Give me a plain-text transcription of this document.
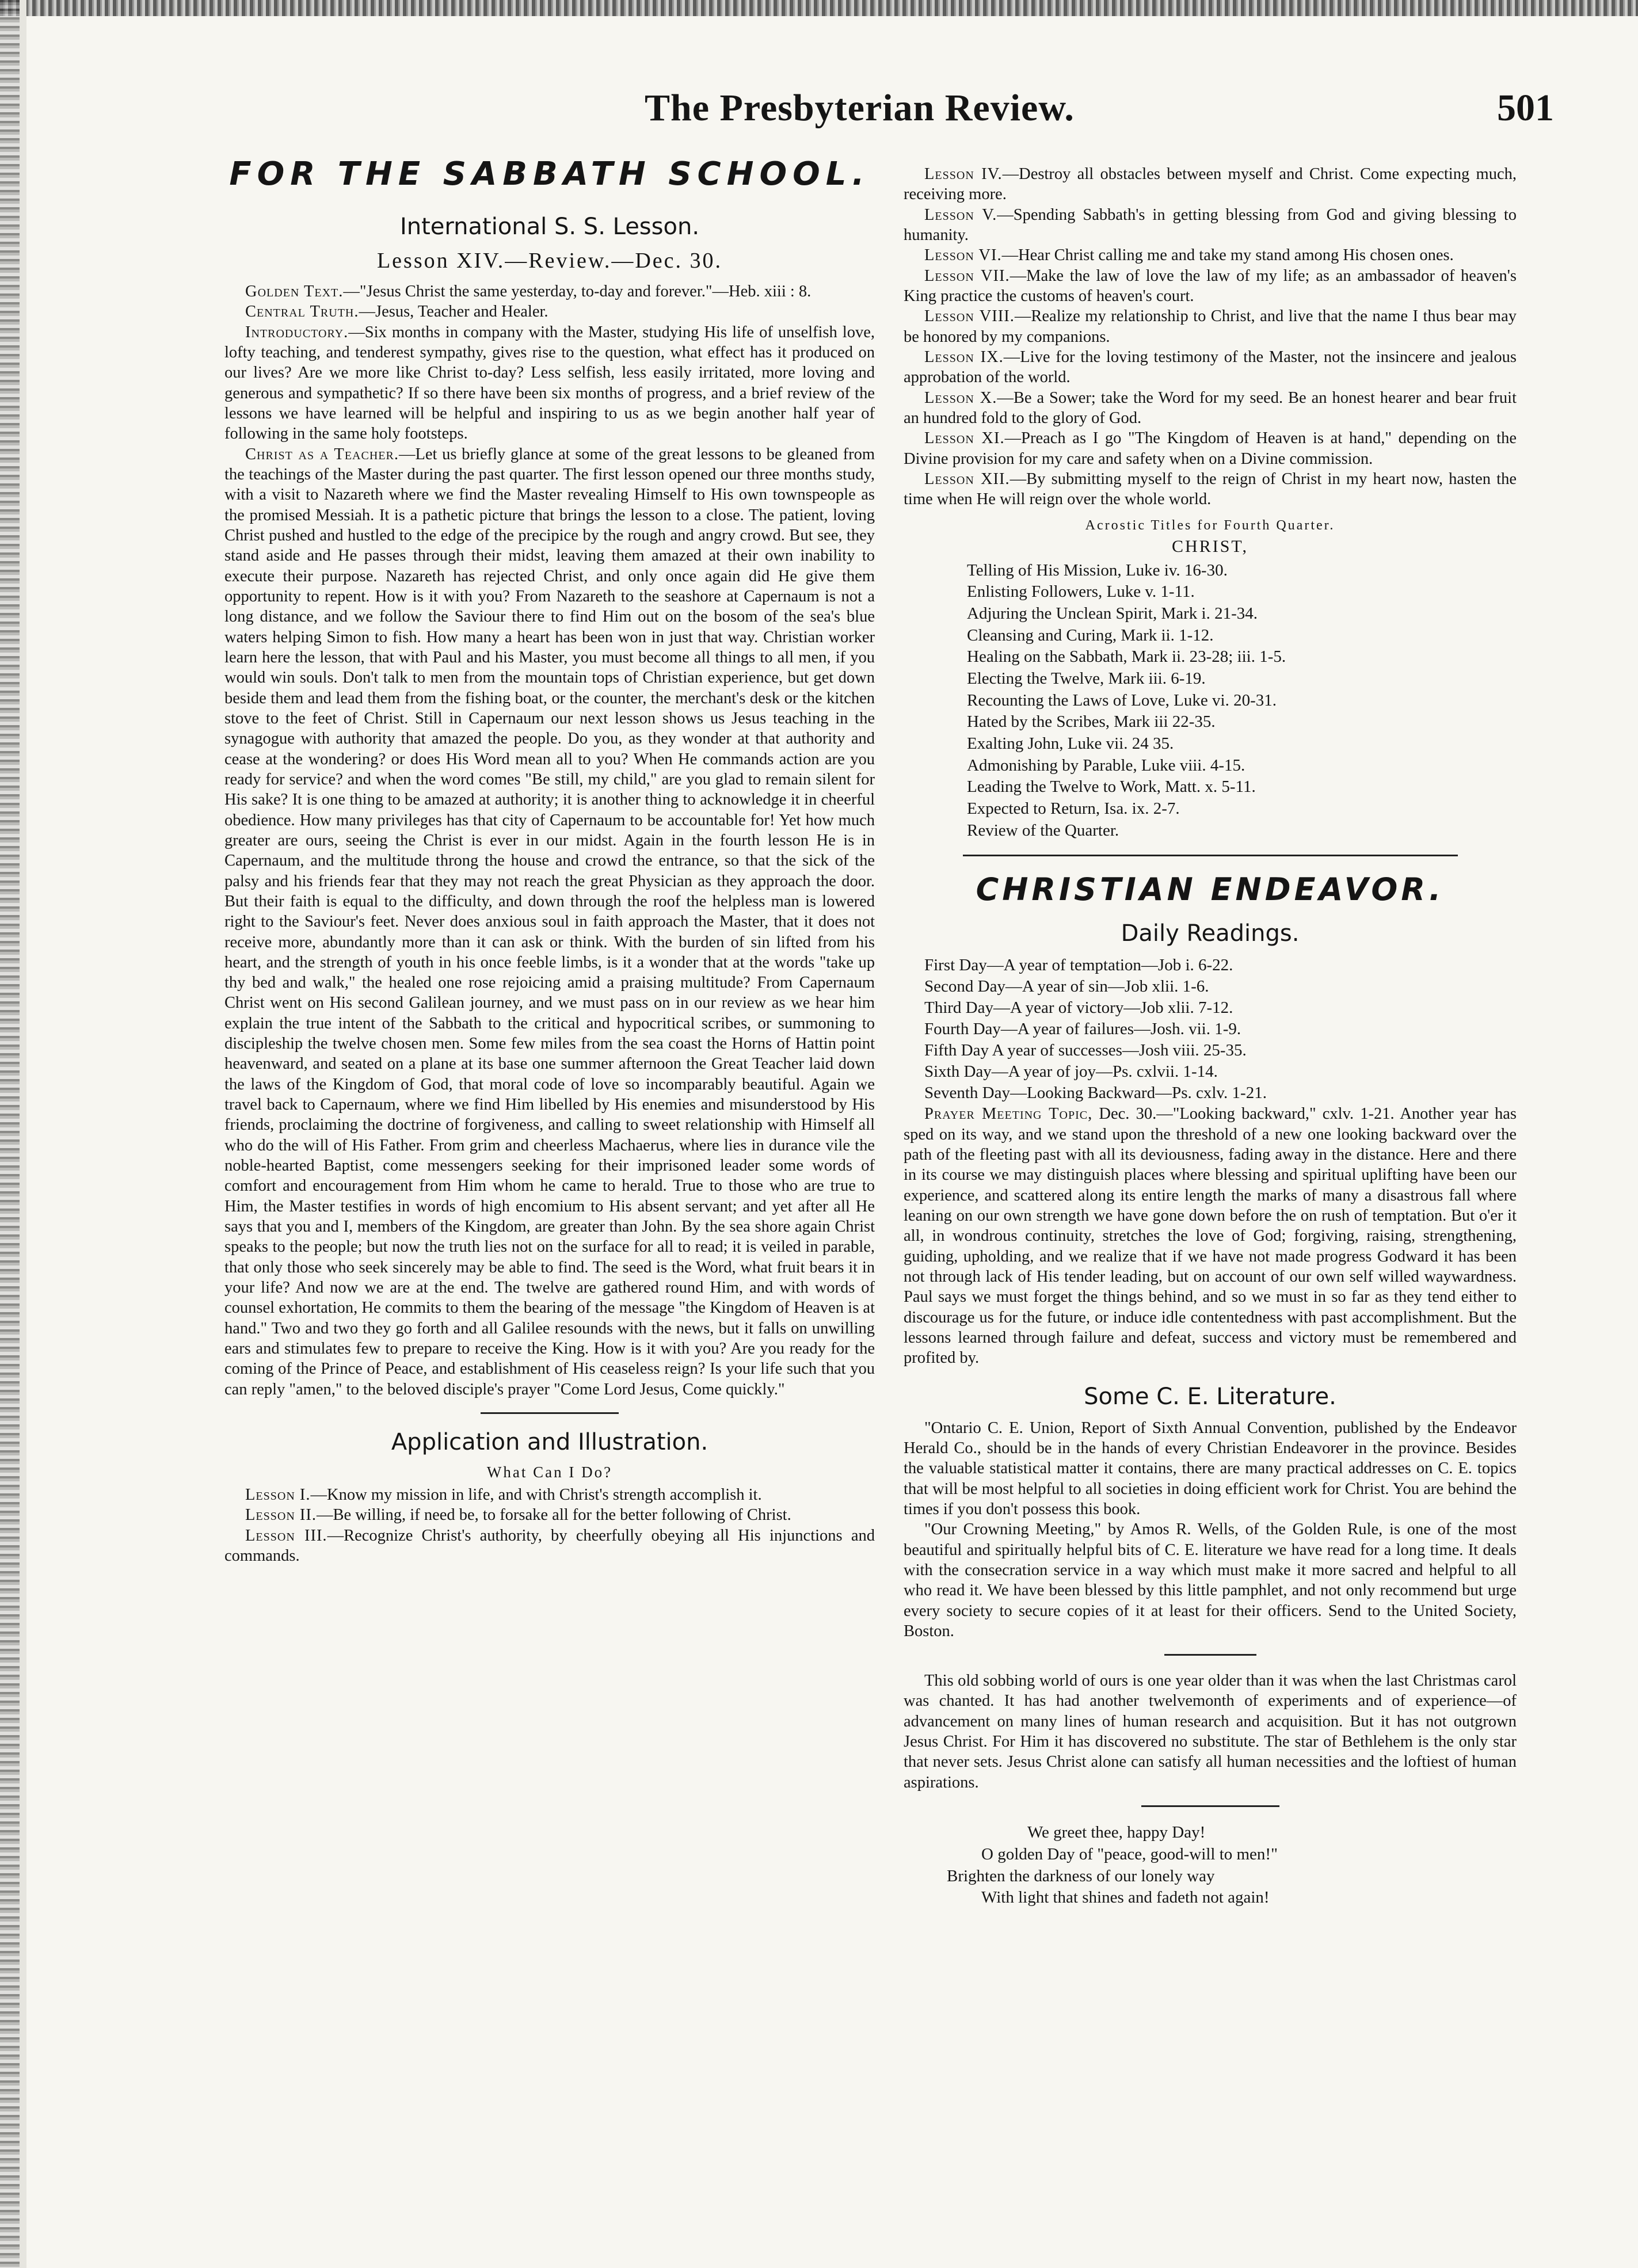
The Presbyterian Review.	501
FOR THE SABBATH SCHOOL.
International S. S. Lesson.
Lesson XIV.—Review.—Dec. 30.

Golden Text.—"Jesus Christ the same yesterday, to-day and forever."—Heb. xiii : 8.

Central Truth.—Jesus, Teacher and Healer.

Introductory.—Six months in company with the Master, studying His life of unselfish love, lofty teaching, and tenderest sympathy, gives rise to the question, what effect has it produced on our lives? Are we more like Christ to-day? Less selfish, less easily irritated, more loving and generous and sympathetic? If so there have been six months of progress, and a brief review of the lessons we have learned will be helpful and inspiring to us as we begin another half year of following in the same holy footsteps.

Christ as a Teacher.—Let us briefly glance at some of the great lessons to be gleaned from the teachings of the Master during the past quarter. The first lesson opened our three months study, with a visit to Nazareth where we find the Master revealing Himself to His own townspeople as the promised Messiah. It is a pathetic picture that brings the lesson to a close. The patient, loving Christ pushed and hustled to the edge of the precipice by the rough and angry crowd. But see, they stand aside and He passes through their midst, leaving them amazed at their own inability to execute their purpose. Nazareth has rejected Christ, and only once again did He give them opportunity to repent. How is it with you? From Nazareth to the seashore at Capernaum is not a long distance, and we follow the Saviour there to find Him out on the bosom of the sea's blue waters helping Simon to fish. How many a heart has been won in just that way. Christian worker learn here the lesson, that with Paul and his Master, you must become all things to all men, if you would win souls. Don't talk to men from the mountain tops of Christian experience, but get down beside them and lead them from the fishing boat, or the counter, the merchant's desk or the kitchen stove to the feet of Christ. Still in Capernaum our next lesson shows us Jesus teaching in the synagogue with authority that amazed the people. Do you, as they wonder at that authority and cease at the wondering? or does His Word mean all to you? When He commands action are you ready for service? and when the word comes "Be still, my child," are you glad to remain silent for His sake? It is one thing to be amazed at authority; it is another thing to acknowledge it in cheerful obedience. How many privileges has that city of Capernaum to be accountable for! Yet how much greater are ours, seeing the Christ is ever in our midst. Again in the fourth lesson He is in Capernaum, and the multitude throng the house and crowd the entrance, so that the sick of the palsy and his friends fear that they may not reach the great Physician as they approach the door. But their faith is equal to the difficulty, and down through the roof the helpless man is lowered right to the Saviour's feet. Never does anxious soul in faith approach the Master, that it does not receive more, abundantly more than it can ask or think. With the burden of sin lifted from his heart, and the strength of youth in his once feeble limbs, is it a wonder that at the words "take up thy bed and walk," the healed one rose rejoicing amid a praising multitude? From Capernaum Christ went on His second Galilean journey, and we must pass on in our review as we hear him explain the true intent of the Sabbath to the critical and hypocritical scribes, or summoning to discipleship the twelve chosen men. Some few miles from the sea coast the Horns of Hattin point heavenward, and seated on a plane at its base one summer afternoon the Great Teacher laid down the laws of the Kingdom of God, that moral code of love so incomparably beautiful. Again we travel back to Capernaum, where we find Him libelled by His enemies and misunderstood by His friends, proclaiming the doctrine of forgiveness, and calling to sweet relationship with Himself all who do the will of His Father. From grim and cheerless Machaerus, where lies in durance vile the noble-hearted Baptist, come messengers seeking for their imprisoned leader some words of comfort and encouragement from Him whom he came to herald. True to those who are true to Him, the Master testifies in words of high encomium to His absent servant; and yet after all He says that you and I, members of the Kingdom, are greater than John. By the sea shore again Christ speaks to the people; but now the truth lies not on the surface for all to read; it is veiled in parable, that only those who seek sincerely may be able to find. The seed is the Word, what fruit bears it in your life? And now we are at the end. The twelve are gathered round Him, and with words of counsel exhortation, He commits to them the bearing of the message "the Kingdom of Heaven is at hand." Two and two they go forth and all Galilee resounds with the news, but it falls on unwilling ears and stimulates few to prepare to receive the King. How is it with you? Are you ready for the coming of the Prince of Peace, and establishment of His ceaseless reign? Is your life such that you can reply "amen," to the beloved disciple's prayer "Come Lord Jesus, Come quickly."

Application and Illustration.
What Can I Do?

Lesson I.—Know my mission in life, and with Christ's strength accomplish it.

Lesson II.—Be willing, if need be, to forsake all for the better following of Christ.

Lesson III.—Recognize Christ's authority, by cheerfully obeying all His injunctions and commands.

Lesson IV.—Destroy all obstacles between myself and Christ. Come expecting much, receiving more.

Lesson V.—Spending Sabbath's in getting blessing from God and giving blessing to humanity.

Lesson VI.—Hear Christ calling me and take my stand among His chosen ones.

Lesson VII.—Make the law of love the law of my life; as an ambassador of heaven's King practice the customs of heaven's court.

Lesson VIII.—Realize my relationship to Christ, and live that the name I thus bear may be honored by my companions.

Lesson IX.—Live for the loving testimony of the Master, not the insincere and jealous approbation of the world.

Lesson X.—Be a Sower; take the Word for my seed. Be an honest hearer and bear fruit an hundred fold to the glory of God.

Lesson XI.—Preach as I go "The Kingdom of Heaven is at hand," depending on the Divine provision for my care and safety when on a Divine commission.

Lesson XII.—By submitting myself to the reign of Christ in my heart now, hasten the time when He will reign over the whole world.

Acrostic Titles for Fourth Quarter.
CHRIST,
Telling of His Mission, Luke iv. 16-30.
Enlisting Followers, Luke v. 1-11.
Adjuring the Unclean Spirit, Mark i. 21-34.
Cleansing and Curing, Mark ii. 1-12.
Healing on the Sabbath, Mark ii. 23-28; iii. 1-5.
Electing the Twelve, Mark iii. 6-19.
Recounting the Laws of Love, Luke vi. 20-31.
Hated by the Scribes, Mark iii 22-35.
Exalting John, Luke vii. 24 35.
Admonishing by Parable, Luke viii. 4-15.
Leading the Twelve to Work, Matt. x. 5-11.
Expected to Return, Isa. ix. 2-7.
Review of the Quarter.
CHRISTIAN ENDEAVOR.
Daily Readings.
First Day—A year of temptation—Job i. 6-22.
Second Day—A year of sin—Job xlii. 1-6.
Third Day—A year of victory—Job xlii. 7-12.
Fourth Day—A year of failures—Josh. vii. 1-9.
Fifth Day A year of successes—Josh viii. 25-35.
Sixth Day—A year of joy—Ps. cxlvii. 1-14.
Seventh Day—Looking Backward—Ps. cxlv. 1-21.

Prayer Meeting Topic, Dec. 30.—"Looking backward," cxlv. 1-21. Another year has sped on its way, and we stand upon the threshold of a new one looking backward over the path of the fleeting past with all its deviousness, fading away in the distance. Here and there in its course we may distinguish places where blessing and spiritual uplifting have been our experience, and scattered along its entire length the marks of many a disastrous fall where leaning on our own strength we have gone down before the on rush of temptation. But o'er it all, in wondrous continuity, stretches the love of God; forgiving, raising, strengthening, guiding, upholding, and we realize that if we have not made progress Godward it has been not through lack of His tender leading, but on account of our own self willed waywardness. Paul says we must forget the things behind, and so we must in so far as they tend either to discourage us for the future, or induce idle contentedness with past accomplishment. But the lessons learned through failure and defeat, success and victory must be remembered and profited by.

Some C. E. Literature.

"Ontario C. E. Union, Report of Sixth Annual Convention, published by the Endeavor Herald Co., should be in the hands of every Christian Endeavorer in the province. Besides the valuable statistical matter it contains, there are many practical addresses on C. E. topics that will be most helpful to all societies in doing efficient work for Christ. You are behind the times if you don't possess this book.

"Our Crowning Meeting," by Amos R. Wells, of the Golden Rule, is one of the most beautiful and spiritually helpful bits of C. E. literature we have read for a long time. It deals with the consecration service in a way which must make it more sacred and helpful to all who read it. We have been blessed by this little pamphlet, and not only recommend but urge every society to secure copies of it at least for their officers. Send to the United Society, Boston.

This old sobbing world of ours is one year older than it was when the last Christmas carol was chanted. It has had another twelvemonth of experiments and of experience—of advancement on many lines of human research and acquisition. But it has not outgrown Jesus Christ. For Him it has discovered no substitute. The star of Bethlehem is the only star that never sets. Jesus Christ alone can satisfy all human necessities and the loftiest of human aspirations.

We greet thee, happy Day!
O golden Day of "peace, good-will to men!"
Brighten the darkness of our lonely way
With light that shines and fadeth not again!
